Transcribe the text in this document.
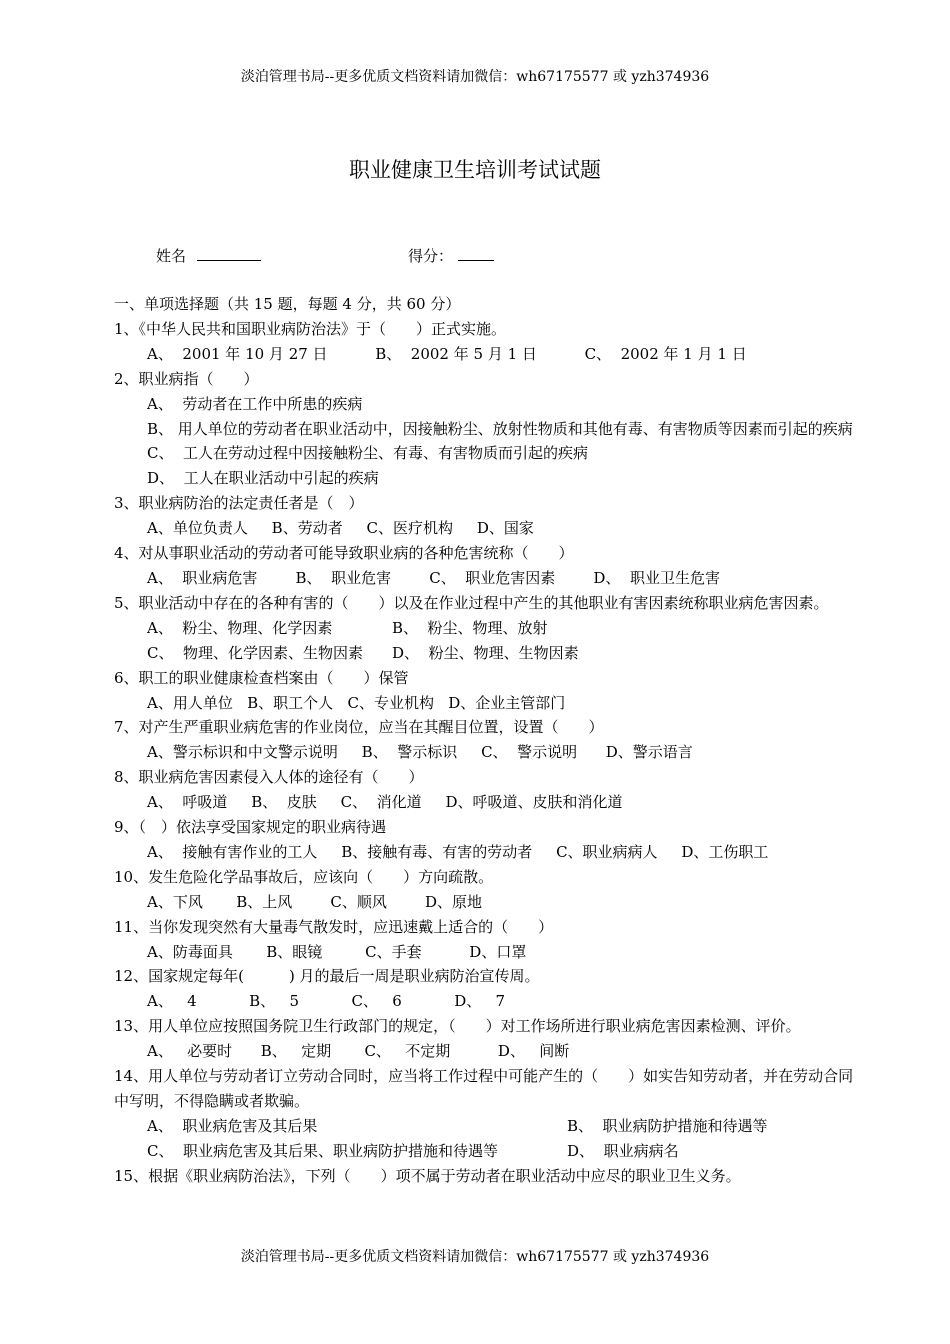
淡泊管理书局--更多优质文档资料请加微信：wh67175577 或 yzh374936
职业健康卫生培训考试试题
姓名	得分：
一、单项选择题（共 15 题，每题 4 分，共 60 分）
1、《中华人民共和国职业病防治法》于（　　）正式实施。
A、  2001 年 10 月 27 日          B、  2002 年 5 月 1 日          C、  2002 年 1 月 1 日
2、职业病指（　　）
A、  劳动者在工作中所患的疾病
B、 用人单位的劳动者在职业活动中，因接触粉尘、放射性物质和其他有毒、有害物质等因素而引起的疾病
C、  工人在劳动过程中因接触粉尘、有毒、有害物质而引起的疾病
D、  工人在职业活动中引起的疾病
3、职业病防治的法定责任者是（　）
A、单位负责人     B、劳动者     C、医疗机构     D、国家
4、对从事职业活动的劳动者可能导致职业病的各种危害统称（　　）
A、  职业病危害        B、  职业危害        C、  职业危害因素        D、  职业卫生危害
5、职业活动中存在的各种有害的（　　）以及在作业过程中产生的其他职业有害因素统称职业病危害因素。
A、  粉尘、物理、化学因素	B、  粉尘、物理、放射
C、  物理、化学因素、生物因素	D、  粉尘、物理、生物因素
6、职工的职业健康检查档案由（　　）保管
A、用人单位   B、职工个人   C、专业机构   D、企业主管部门
7、对产生严重职业病危害的作业岗位，应当在其醒目位置，设置（　　）
A、警示标识和中文警示说明     B、  警示标识     C、  警示说明      D、警示语言
8、职业病危害因素侵入人体的途径有（　　）
A、  呼吸道     B、  皮肤     C、  消化道     D、呼吸道、皮肤和消化道
9、（　）依法享受国家规定的职业病待遇
A、  接触有害作业的工人     B、接触有毒、有害的劳动者     C、职业病病人     D、工伤职工
10、发生危险化学品事故后，应该向（　　）方向疏散。
A、下风       B、上风        C、顺风        D、原地
11、当你发现突然有大量毒气散发时，应迅速戴上适合的（　　）
A、防毒面具       B、眼镜         C、手套          D、口罩
12、国家规定每年(　　　) 月的最后一周是职业病防治宣传周。
A、   4           B、   5           C、   6           D、   7
13、用人单位应按照国务院卫生行政部门的规定，（　　）对工作场所进行职业病危害因素检测、评价。
A、   必要时      B、   定期       C、   不定期          D、   间断
14、用人单位与劳动者订立劳动合同时，应当将工作过程中可能产生的（　　）如实告知劳动者，并在劳动合同中写明，不得隐瞒或者欺骗。
A、  职业病危害及其后果	B、  职业病防护措施和待遇等
C、  职业病危害及其后果、职业病防护措施和待遇等	D、  职业病病名
15、根据《职业病防治法》，下列（　　）项不属于劳动者在职业活动中应尽的职业卫生义务。
淡泊管理书局--更多优质文档资料请加微信：wh67175577 或 yzh374936
